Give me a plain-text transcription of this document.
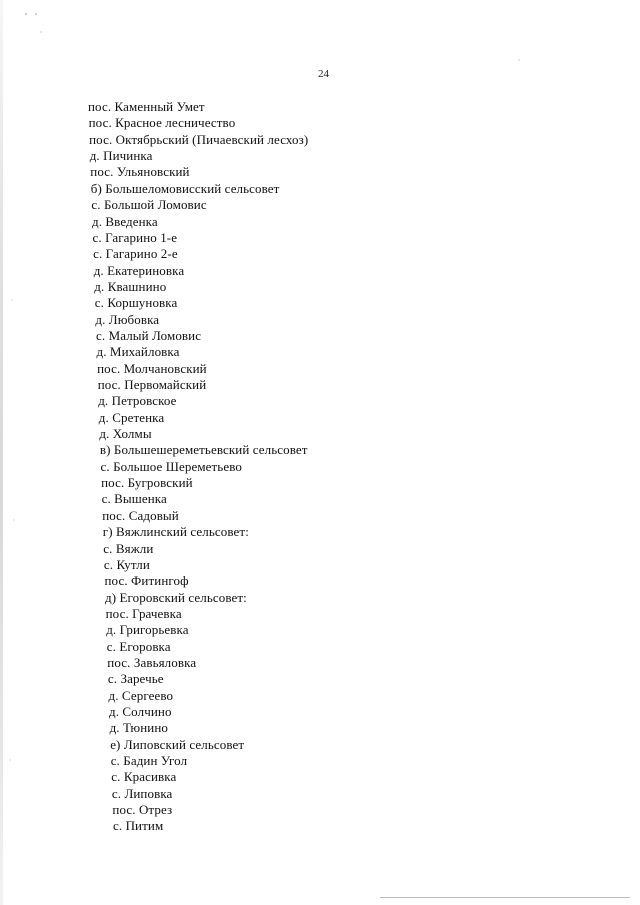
24
пос. Каменный Умет
пос. Красное лесничество
пос. Октябрьский (Пичаевский лесхоз)
д. Пичинка
пос. Ульяновский
б) Большеломовисский сельсовет
с. Большой Ломовис
д. Введенка
с. Гагарино 1-е
с. Гагарино 2-е
д. Екатериновка
д. Квашнино
с. Коршуновка
д. Любовка
с. Малый Ломовис
д. Михайловка
пос. Молчановский
пос. Первомайский
д. Петровское
д. Сретенка
д. Холмы
в) Большешереметьевский сельсовет
с. Большое Шереметьево
пос. Бугровский
с. Вышенка
пос. Садовый
г) Вяжлинский сельсовет:
с. Вяжли
с. Кутли
пос. Фитингоф
д) Егоровский сельсовет:
пос. Грачевка
д. Григорьевка
с. Егоровка
пос. Завьяловка
с. Заречье
д. Сергеево
д. Солчино
д. Тюнино
е) Липовский сельсовет
с. Бадин Угол
с. Красивка
с. Липовка
пос. Отрез
с. Питим
